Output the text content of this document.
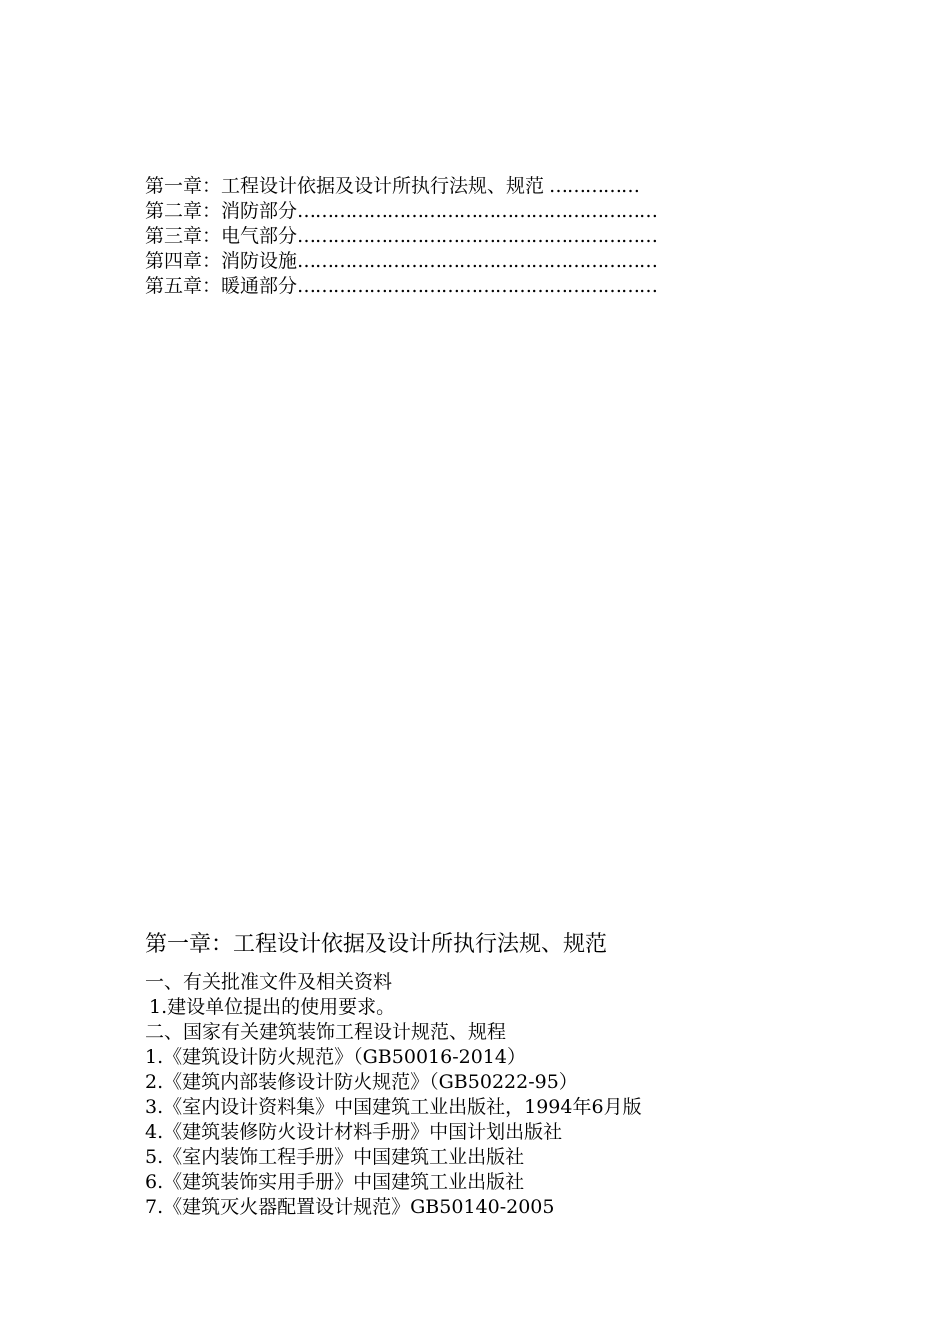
第一章：工程设计依据及设计所执行法规、规范 ……………
第二章：消防部分……………………………………………………
第三章：电气部分……………………………………………………
第四章：消防设施……………………………………………………
第五章：暖通部分……………………………………………………
第一章：工程设计依据及设计所执行法规、规范
一、有关批准文件及相关资料
1.建设单位提出的使用要求。
二、国家有关建筑装饰工程设计规范、规程
1.《建筑设计防火规范》（GB50016-2014）
2.《建筑内部装修设计防火规范》（GB50222-95）
3.《室内设计资料集》中国建筑工业出版社，1994年6月版
4.《建筑装修防火设计材料手册》中国计划出版社
5.《室内装饰工程手册》中国建筑工业出版社
6.《建筑装饰实用手册》中国建筑工业出版社
7.《建筑灭火器配置设计规范》GB50140-2005
